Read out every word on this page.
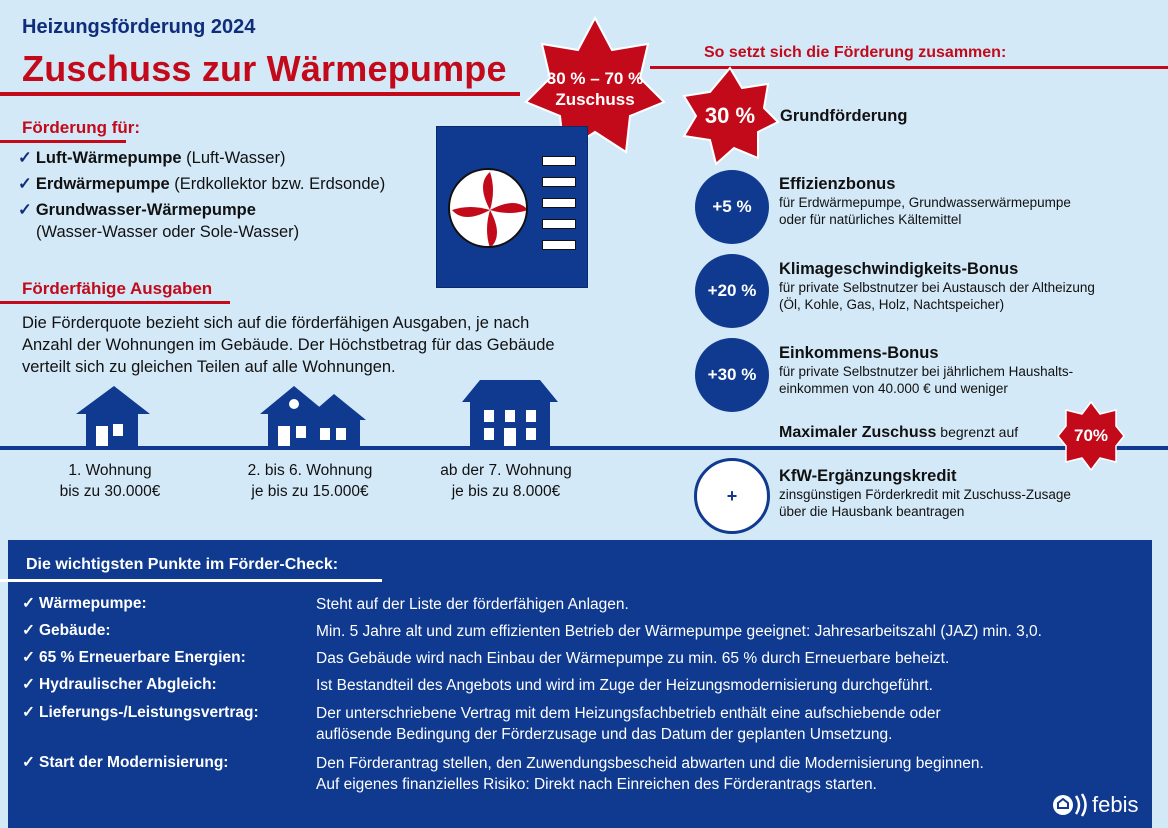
Heizungsförderung 2024
Zuschuss zur Wärmepumpe 30 % – 70 %
Zuschuss
So setzt sich die Förderung zusammen:
Förderung für:
✓ Luft-Wärmepumpe (Luft-Wasser)
✓ Erdwärmepumpe (Erdkollektor bzw. Erdsonde)
✓ Grundwasser-Wärmepumpe
(Wasser-Wasser oder Sole-Wasser)
Förderfähige Ausgaben
Die Förderquote bezieht sich auf die förderfähigen Ausgaben, je nach
Anzahl der Wohnungen im Gebäude. Der Höchstbetrag für das Gebäude
verteilt sich zu gleichen Teilen auf alle Wohnungen.
1. Wohnung
bis zu 30.000€
2. bis 6. Wohnung
je bis zu 15.000€
ab der 7. Wohnung
je bis zu 8.000€
30 % Grundförderung
+5 %
Effizienzbonus
für Erdwärmepumpe, Grundwasserwärmepumpe
oder für natürliches Kältemittel
+20 %
Klimageschwindigkeits-Bonus
für private Selbstnutzer bei Austausch der Altheizung
(Öl, Kohle, Gas, Holz, Nachtspeicher)
+30 %
Einkommens-Bonus
für private Selbstnutzer bei jährlichem Haushalts-
einkommen von 40.000 € und weniger
Maximaler Zuschuss begrenzt auf	70%
+
KfW-Ergänzungskredit
zinsgünstigen Förderkredit mit Zuschuss-Zusage
über die Hausbank beantragen
Die wichtigsten Punkte im Förder-Check:
✓ Wärmepumpe:	Steht auf der Liste der förderfähigen Anlagen.
✓ Gebäude:	Min. 5 Jahre alt und zum effizienten Betrieb der Wärmepumpe geeignet: Jahresarbeitszahl (JAZ) min. 3,0.
✓ 65 % Erneuerbare Energien:	Das Gebäude wird nach Einbau der Wärmepumpe zu min. 65 % durch Erneuerbare beheizt.
✓ Hydraulischer Abgleich:	Ist Bestandteil des Angebots und wird im Zuge der Heizungsmodernisierung durchgeführt.
✓ Lieferungs-/Leistungsvertrag:	Der unterschriebene Vertrag mit dem Heizungsfachbetrieb enthält eine aufschiebende oder
auflösende Bedingung der Förderzusage und das Datum der geplanten Umsetzung.
✓ Start der Modernisierung:	Den Förderantrag stellen, den Zuwendungsbescheid abwarten und die Modernisierung beginnen.
Auf eigenes finanzielles Risiko: Direkt nach Einreichen des Förderantrags starten.
febis
